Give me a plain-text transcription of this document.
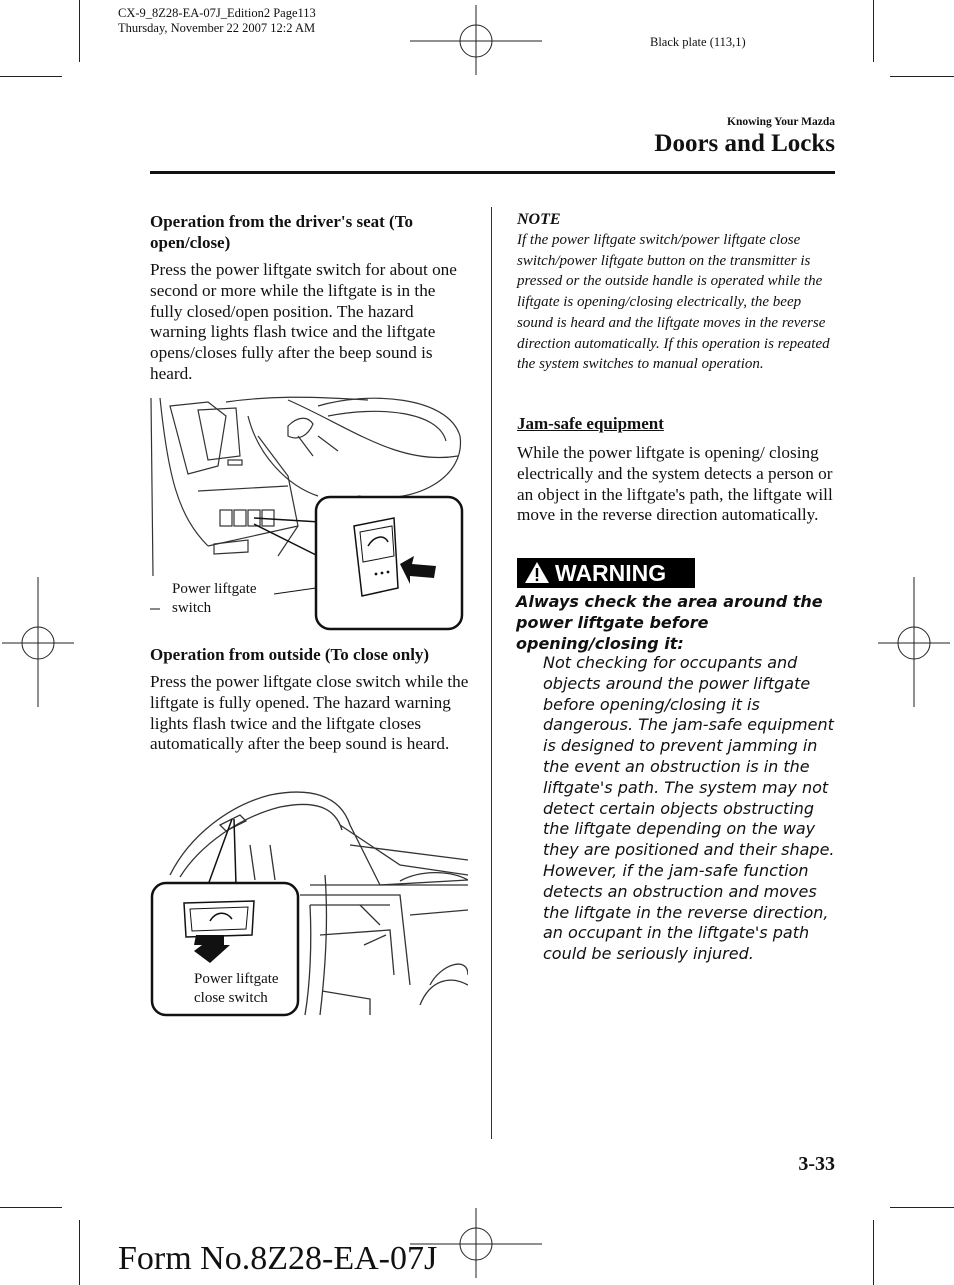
CX-9_8Z28-EA-07J_Edition2 Page113
Thursday, November 22 2007 12:2 AM
Black plate (113,1)
Knowing Your Mazda
Doors and Locks
Operation from the driver's seat (To open/close)

Press the power liftgate switch for about one second or more while the liftgate is in the fully closed/open position. The hazard warning lights flash twice and the liftgate opens/closes fully after the beep sound is heard.

Power liftgate
switch
Operation from outside (To close only)

Press the power liftgate close switch while the liftgate is fully opened. The hazard warning lights flash twice and the liftgate closes automatically after the beep sound is heard.

Power liftgate
close switch
NOTE
If the power liftgate switch/power liftgate close switch/power liftgate button on the transmitter is pressed or the outside handle is operated while the liftgate is opening/closing electrically, the beep sound is heard and the liftgate moves in the reverse direction automatically. If this operation is repeated the system switches to manual operation.
Jam-safe equipment

While the power liftgate is opening/ closing electrically and the system detects a person or an object in the liftgate's path, the liftgate will move in the reverse direction automatically.

WARNING
Always check the area around the power liftgate before opening/closing it:
Not checking for occupants and objects around the power liftgate before opening/closing it is dangerous. The jam-safe equipment is designed to prevent jamming in the event an obstruction is in the liftgate's path. The system may not detect certain objects obstructing the liftgate depending on the way they are positioned and their shape. However, if the jam-safe function detects an obstruction and moves the liftgate in the reverse direction, an occupant in the liftgate's path could be seriously injured.
3-33
Form No.8Z28-EA-07J
